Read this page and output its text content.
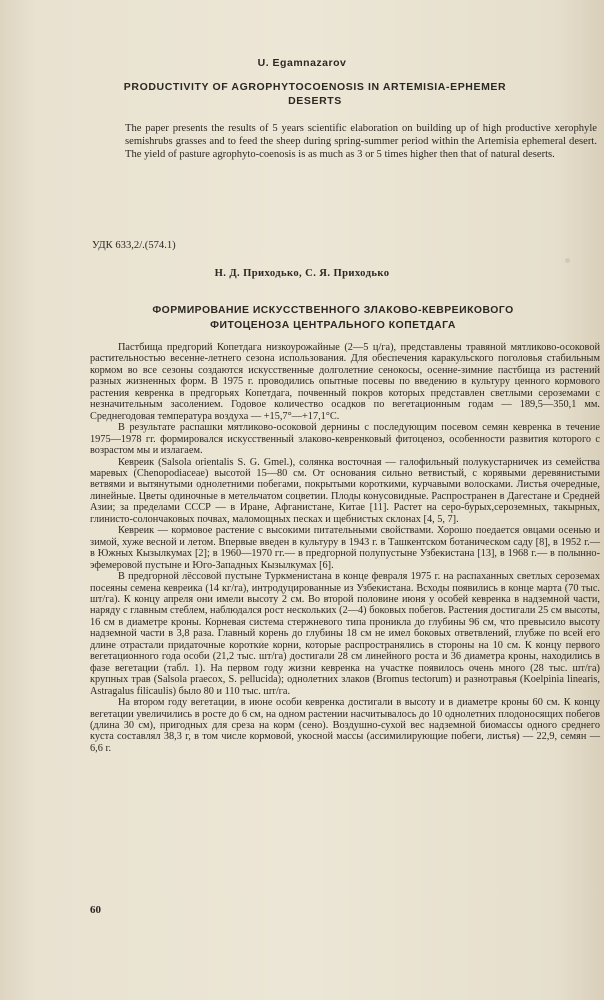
U. Egamnazarov
PRODUCTIVITY OF AGROPHYTOCOENOSIS IN ARTEMISIA-EPHEMER
DESERTS
The paper presents the results of 5 years scientific elaboration on building up of high productive xerophyle semishrubs grasses and to feed the sheep during spring-summer period within the Artemisia ephemeral desert. The yield of pasture agrophyto-coenosis is as much as 3 or 5 times higher then that of natural deserts.
УДК 633,2/.(574.1)
Н. Д. Приходько, С. Я. Приходько
ФОРМИРОВАНИЕ ИСКУССТВЕННОГО ЗЛАКОВО-КЕВРЕИКОВОГО
ФИТОЦЕНОЗА ЦЕНТРАЛЬНОГО КОПЕТДАГА

Пастбища предгорий Копетдага низкоурожайные (2—5 ц/га), представлены травяной мятликово-осоковой растительностью весенне-летнего сезона использования. Для обеспечения каракульского поголовья стабильным кормом во все сезоны создаются искусственные долголетние сенокосы, осенне-зимние пастбища из растений разных жизненных форм. В 1975 г. проводились опытные посевы по введению в культуру ценного кормового растения кевренка в предгорьях Копетдага, почвенный покров которых представлен светлыми сероземами с незначительным засолением. Годовое количество осадков по вегетационным годам — 189,5—350,1 мм. Среднегодовая температура воздуха — +15,7°—+17,1°С.

В результате распашки мятликово-осоковой дернины с последующим посевом семян кевренка в течение 1975—1978 гг. формировался искусственный злаково-кевренковый фитоценоз, особенности развития которого с возрастом мы и излагаем.

Кевреик (Salsola orientalis S. G. Gmel.), солянка восточная — галофильный полукустарничек из семейства маревых (Chenopodiaceae) высотой 15—80 см. От основания сильно ветвистый, с корявыми деревянистыми ветвями и вытянутыми однолетними побегами, покрытыми короткими, курчавыми волосками. Листья очередные, линейные. Цветы одиночные в метельчатом соцветии. Плоды конусовидные. Распространен в Дагестане и Средней Азии; за пределами СССР — в Иране, Афганистане, Китае [11]. Растет на серо-бурых,сероземных, такырных, глинисто-солончаковых почвах, маломощных песках и щебнистых склонах [4, 5, 7].

Кевреик — кормовое растение с высокими питательными свойствами. Хорошо поедается овцами осенью и зимой, хуже весной и летом. Впервые введен в культуру в 1943 г. в Ташкентском ботаническом саду [8], в 1952 г.— в Южных Кызылкумах [2]; в 1960—1970 гг.— в предгорной полупустыне Узбекистана [13], в 1968 г.— в полынно-эфемеровой пустыне и Юго-Западных Кызылкумах [6].

В предгорной лёссовой пустыне Туркменистана в конце февраля 1975 г. на распаханных светлых сероземах посеяны семена кевреика (14 кг/га), интродуцированные из Узбекистана. Всходы появились в конце марта (70 тыс. шт/га). К концу апреля они имели высоту 2 см. Во второй половине июня у особей кевренка в надземной части, наряду с главным стеблем, наблюдался рост нескольких (2—4) боковых побегов. Растения достигали 25 см высоты, 16 см в диаметре кроны. Корневая система стержневого типа проникла до глубины 96 см, что превысило высоту надземной части в 3,8 раза. Главный корень до глубины 18 см не имел боковых ответвлений, глубже по всей его длине отрастали придаточные короткие корни, которые распространялись в стороны на 10 см. К концу первого вегетационного года особи (21,2 тыс. шт/га) достигали 28 см линейного роста и 36 диаметра кроны, находились в фазе вегетации (табл. 1). На первом году жизни кевренка на участке появилось очень много (28 тыс. шт/га) крупных трав (Salsola praecox, S. pellucida); однолетних злаков (Bromus tectorum) и разнотравья (Koelpinia linearis, Astragalus filicaulis) было 80 и 110 тыс. шт/га.

На втором году вегетации, в июне особи кевренка достигали в высоту и в диаметре кроны 60 см. К концу вегетации увеличились в росте до 6 см, на одном растении насчитывалось до 10 однолетних плодоносящих побегов (длина 30 см), пригодных для среза на корм (сено). Воздушно-сухой вес надземной биомассы одного среднего куста составлял 38,3 г, в том числе кормовой, укосной массы (ассимилирующие побеги, листья) — 22,9, семян — 6,6 г.

60
